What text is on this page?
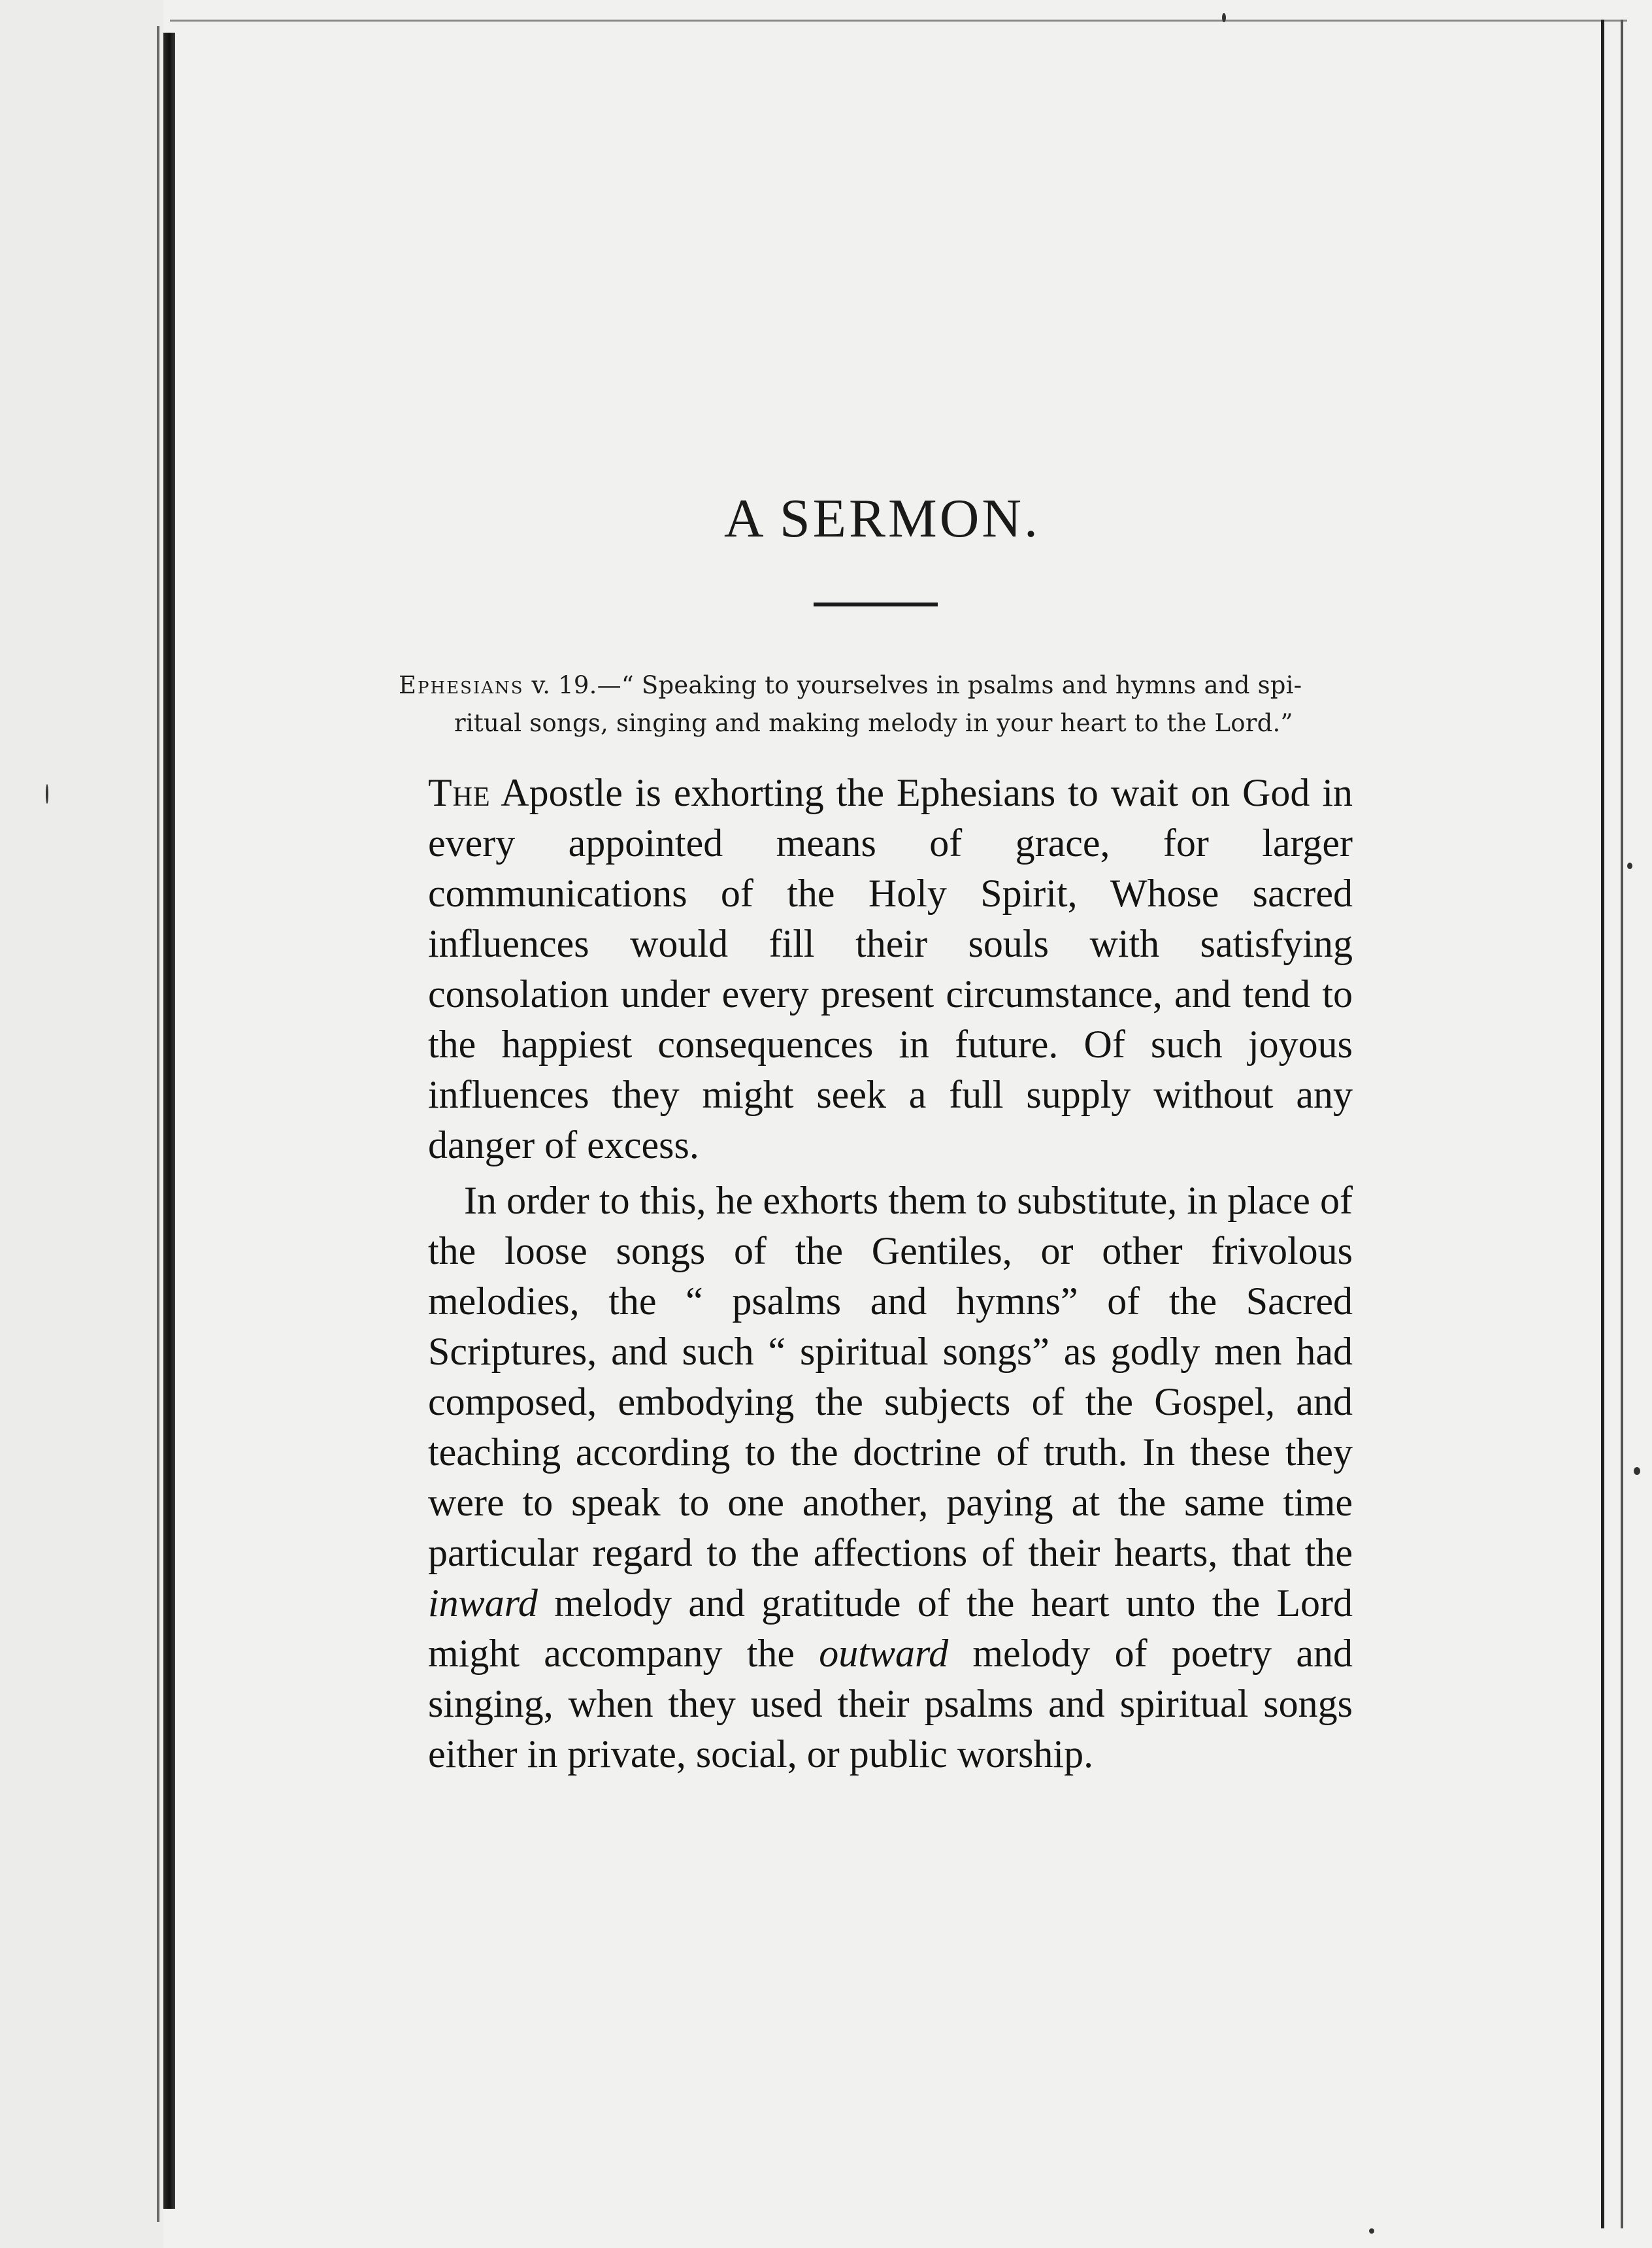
A SERMON.
Ephesians v. 19.—“ Speaking to yourselves in psalms and hymns and spi-
ritual songs, singing and making melody in your heart to the Lord.”

The Apostle is exhorting the Ephesians to wait on God in every appointed means of grace, for larger communications of the Holy Spirit, Whose sacred influences would fill their souls with satisfying consolation under every present circumstance, and tend to the happiest consequences in future. Of such joyous influences they might seek a full supply without any danger of excess.

In order to this, he exhorts them to substitute, in place of the loose songs of the Gentiles, or other frivolous melodies, the “ psalms and hymns” of the Sacred Scriptures, and such “ spiritual songs” as godly men had composed, embodying the subjects of the Gospel, and teaching according to the doctrine of truth. In these they were to speak to one another, paying at the same time particular regard to the affections of their hearts, that the inward melody and gratitude of the heart unto the Lord might accompany the outward melody of poetry and singing, when they used their psalms and spiritual songs either in private, social, or public worship.
